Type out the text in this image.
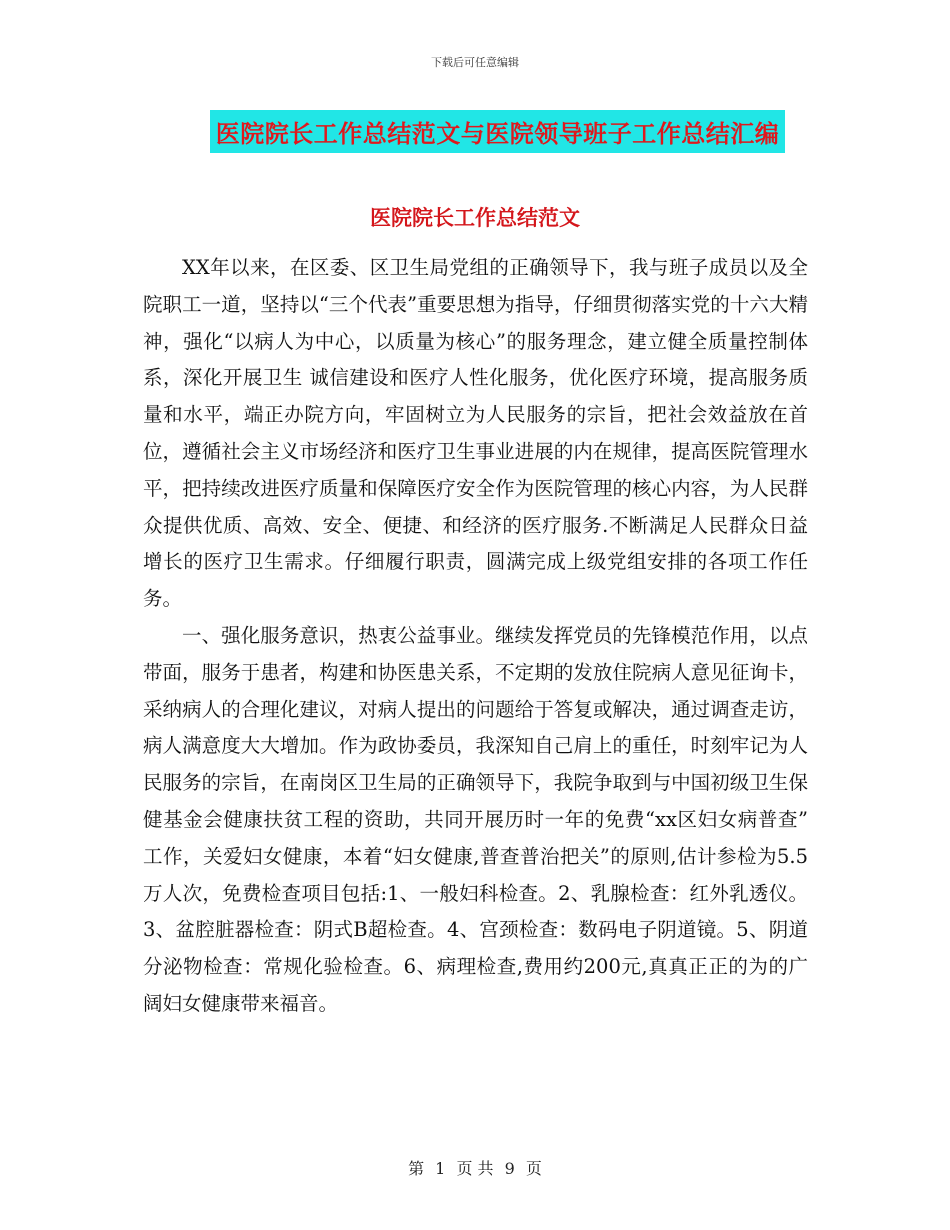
下载后可任意编辑
医院院长工作总结范文与医院领导班子工作总结汇编
医院院长工作总结范文

XX年以来，在区委、区卫生局党组的正确领导下，我与班子成员以及全院职工一道，坚持以“三个代表”重要思想为指导，仔细贯彻落实党的十六大精神，强化“以病人为中心，以质量为核心”的服务理念，建立健全质量控制体系，深化开展卫生 诚信建设和医疗人性化服务，优化医疗环境，提高服务质量和水平，端正办院方向，牢固树立为人民服务的宗旨，把社会效益放在首位，遵循社会主义市场经济和医疗卫生事业进展的内在规律，提高医院管理水平，把持续改进医疗质量和保障医疗安全作为医院管理的核心内容，为人民群众提供优质、高效、安全、便捷、和经济的医疗服务.不断满足人民群众日益增长的医疗卫生需求。仔细履行职责，圆满完成上级党组安排的各项工作任务。

一、强化服务意识，热衷公益事业。继续发挥党员的先锋模范作用，以点带面，服务于患者，构建和协医患关系，不定期的发放住院病人意见征询卡，采纳病人的合理化建议，对病人提出的问题给于答复或解决，通过调查走访，病人满意度大大增加。作为政协委员，我深知自己肩上的重任，时刻牢记为人民服务的宗旨，在南岗区卫生局的正确领导下，我院争取到与中国初级卫生保健基金会健康扶贫工程的资助，共同开展历时一年的免费“xx区妇女病普查” 工作，关爱妇女健康，本着“妇女健康,普查普治把关”的原则,估计参检为5.5万人次，免费检查项目包括:1、一般妇科检查。2、乳腺检查：红外乳透仪。 3、盆腔脏器检查：阴式B超检查。4、宫颈检查：数码电子阴道镜。5、阴道分泌物检查：常规化验检查。6、病理检查,费用约200元,真真正正的为的广阔妇女健康带来福音。

第 1 页 共 9 页
